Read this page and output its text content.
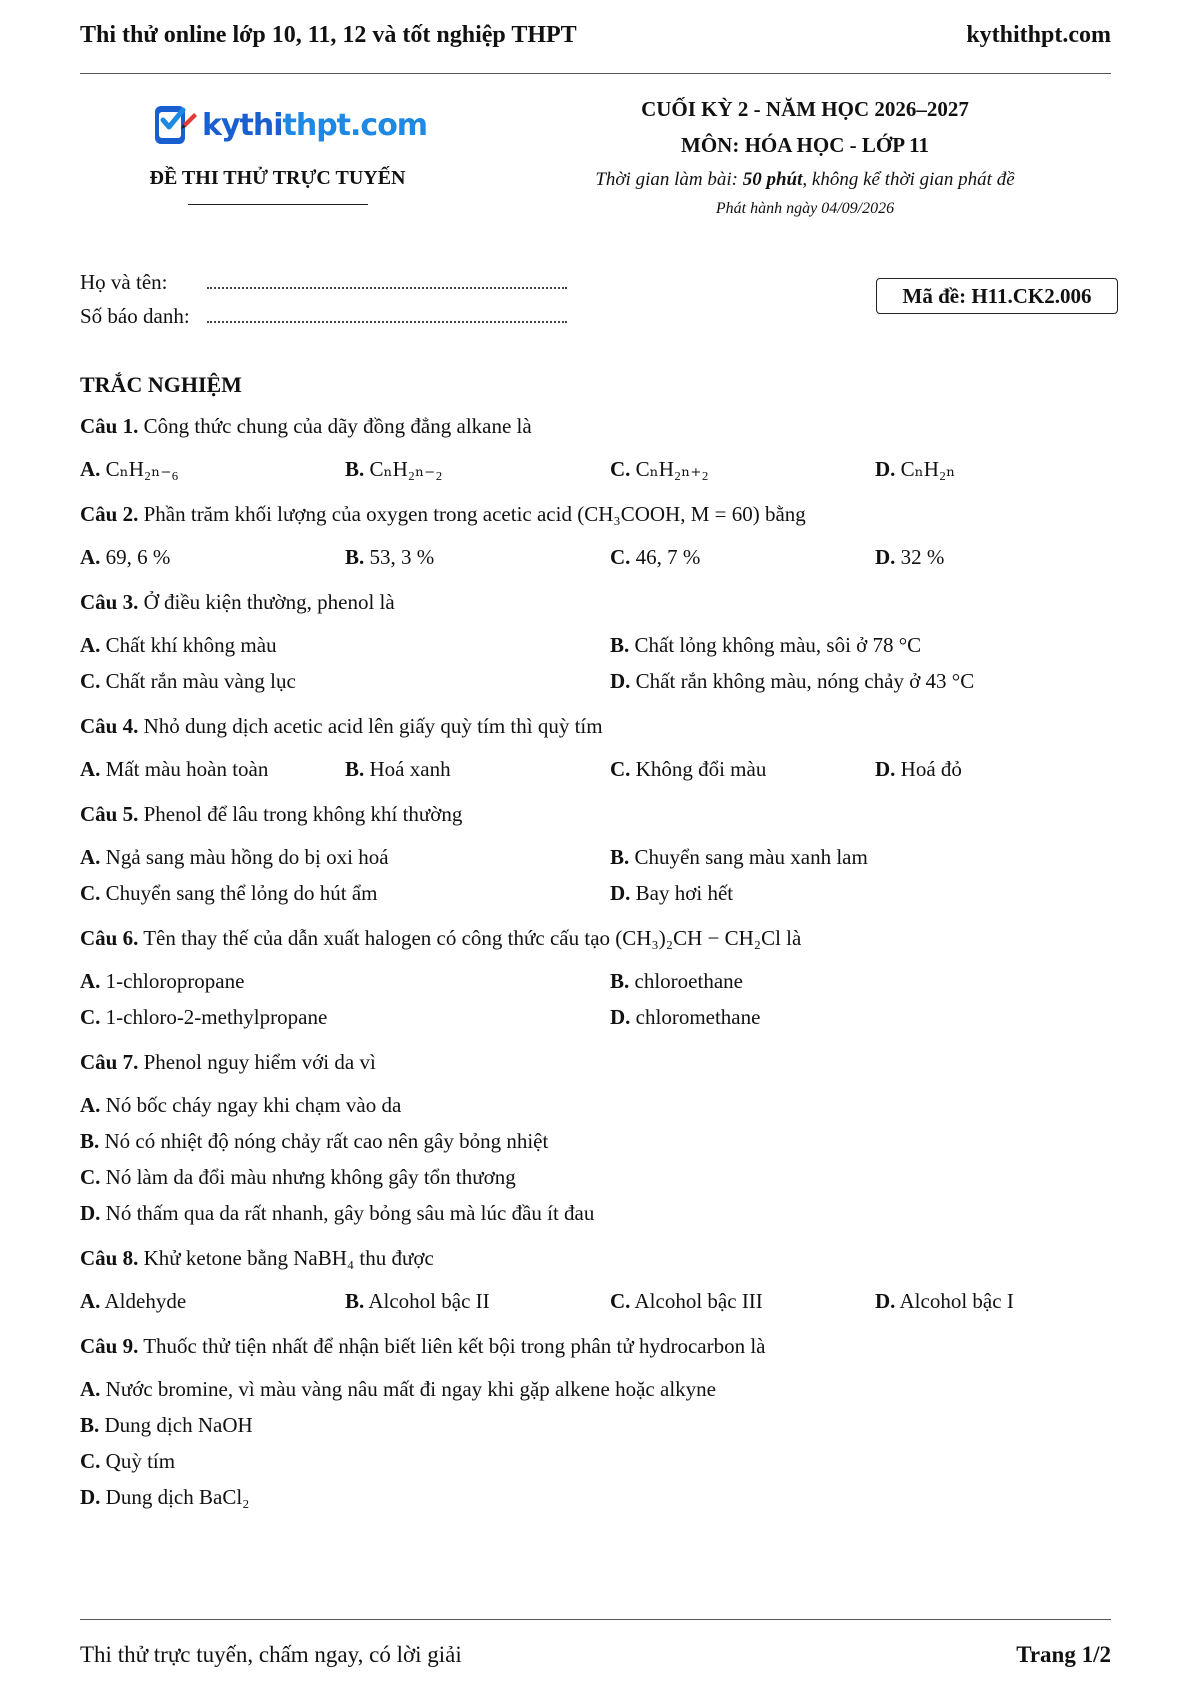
Thi thử online lớp 10, 11, 12 và tốt nghiệp THPT	kythithpt.com
kythithpt.com
ĐỀ THI THỬ TRỰC TUYẾN
CUỐI KỲ 2 - NĂM HỌC 2026–2027
MÔN: HÓA HỌC - LỚP 11
Thời gian làm bài: 50 phút, không kể thời gian phát đề
Phát hành ngày 04/09/2026
Họ và tên:
Số báo danh:
Mã đề: H11.CK2.006
TRẮC NGHIỆM
Câu 1. Công thức chung của dãy đồng đẳng alkane là
A. CₙH₂ₙ₋₆	B. CₙH₂ₙ₋₂	C. CₙH₂ₙ₊₂	D. CₙH₂ₙ
Câu 2. Phần trăm khối lượng của oxygen trong acetic acid (CH₃COOH, M = 60) bằng
A. 69, 6 %	B. 53, 3 %	C. 46, 7 %	D. 32 %
Câu 3. Ở điều kiện thường, phenol là
A. Chất khí không màu	B. Chất lỏng không màu, sôi ở 78 °C
C. Chất rắn màu vàng lục	D. Chất rắn không màu, nóng chảy ở 43 °C
Câu 4. Nhỏ dung dịch acetic acid lên giấy quỳ tím thì quỳ tím
A. Mất màu hoàn toàn	B. Hoá xanh	C. Không đổi màu	D. Hoá đỏ
Câu 5. Phenol để lâu trong không khí thường
A. Ngả sang màu hồng do bị oxi hoá	B. Chuyển sang màu xanh lam
C. Chuyển sang thể lỏng do hút ẩm	D. Bay hơi hết
Câu 6. Tên thay thế của dẫn xuất halogen có công thức cấu tạo (CH₃)₂CH − CH₂Cl là
A. 1-chloropropane	B. chloroethane
C. 1-chloro-2-methylpropane	D. chloromethane
Câu 7. Phenol nguy hiểm với da vì
A. Nó bốc cháy ngay khi chạm vào da
B. Nó có nhiệt độ nóng chảy rất cao nên gây bỏng nhiệt
C. Nó làm da đổi màu nhưng không gây tổn thương
D. Nó thấm qua da rất nhanh, gây bỏng sâu mà lúc đầu ít đau
Câu 8. Khử ketone bằng NaBH₄ thu được
A. Aldehyde	B. Alcohol bậc II	C. Alcohol bậc III	D. Alcohol bậc I
Câu 9. Thuốc thử tiện nhất để nhận biết liên kết bội trong phân tử hydrocarbon là
A. Nước bromine, vì màu vàng nâu mất đi ngay khi gặp alkene hoặc alkyne
B. Dung dịch NaOH
C. Quỳ tím
D. Dung dịch BaCl₂
Thi thử trực tuyến, chấm ngay, có lời giải	Trang 1/2
